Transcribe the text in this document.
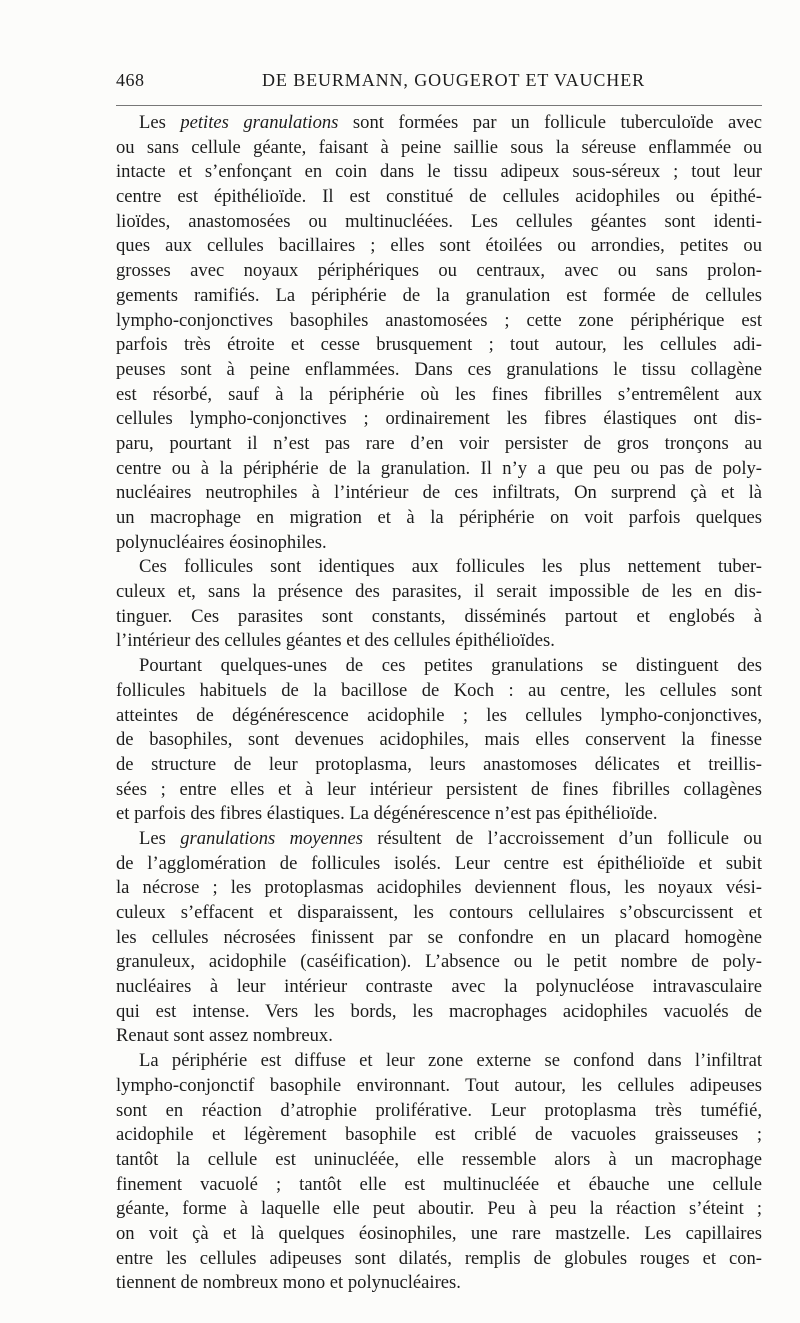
468	DE BEURMANN, GOUGEROT ET VAUCHER
Les petites granulations sont formées par un follicule tuberculoïde avec
ou sans cellule géante, faisant à peine saillie sous la séreuse enflammée ou
intacte et s’enfonçant en coin dans le tissu adipeux sous-séreux ; tout leur
centre est épithélioïde. Il est constitué de cellules acidophiles ou épithé-
lioïdes, anastomosées ou multinucléées. Les cellules géantes sont identi-
ques aux cellules bacillaires ; elles sont étoilées ou arrondies, petites ou
grosses avec noyaux périphériques ou centraux, avec ou sans prolon-
gements ramifiés. La périphérie de la granulation est formée de cellules
lympho-conjonctives basophiles anastomosées ; cette zone périphérique est
parfois très étroite et cesse brusquement ; tout autour, les cellules adi-
peuses sont à peine enflammées. Dans ces granulations le tissu collagène
est résorbé, sauf à la périphérie où les fines fibrilles s’entremêlent aux
cellules lympho-conjonctives ; ordinairement les fibres élastiques ont dis-
paru, pourtant il n’est pas rare d’en voir persister de gros tronçons au
centre ou à la périphérie de la granulation. Il n’y a que peu ou pas de poly-
nucléaires neutrophiles à l’intérieur de ces infiltrats, On surprend çà et là
un macrophage en migration et à la périphérie on voit parfois quelques
polynucléaires éosinophiles.
Ces follicules sont identiques aux follicules les plus nettement tuber-
culeux et, sans la présence des parasites, il serait impossible de les en dis-
tinguer. Ces parasites sont constants, disséminés partout et englobés à
l’intérieur des cellules géantes et des cellules épithélioïdes.
Pourtant quelques-unes de ces petites granulations se distinguent des
follicules habituels de la bacillose de Koch : au centre, les cellules sont
atteintes de dégénérescence acidophile ; les cellules lympho-conjonctives,
de basophiles, sont devenues acidophiles, mais elles conservent la finesse
de structure de leur protoplasma, leurs anastomoses délicates et treillis-
sées ; entre elles et à leur intérieur persistent de fines fibrilles collagènes
et parfois des fibres élastiques. La dégénérescence n’est pas épithélioïde.
Les granulations moyennes résultent de l’accroissement d’un follicule ou
de l’agglomération de follicules isolés. Leur centre est épithélioïde et subit
la nécrose ; les protoplasmas acidophiles deviennent flous, les noyaux vési-
culeux s’effacent et disparaissent, les contours cellulaires s’obscurcissent et
les cellules nécrosées finissent par se confondre en un placard homogène
granuleux, acidophile (caséification). L’absence ou le petit nombre de poly-
nucléaires à leur intérieur contraste avec la polynucléose intravasculaire
qui est intense. Vers les bords, les macrophages acidophiles vacuolés de
Renaut sont assez nombreux.
La périphérie est diffuse et leur zone externe se confond dans l’infiltrat
lympho-conjonctif basophile environnant. Tout autour, les cellules adipeuses
sont en réaction d’atrophie proliférative. Leur protoplasma très tuméfié,
acidophile et légèrement basophile est criblé de vacuoles graisseuses ;
tantôt la cellule est uninucléée, elle ressemble alors à un macrophage
finement vacuolé ; tantôt elle est multinucléée et ébauche une cellule
géante, forme à laquelle elle peut aboutir. Peu à peu la réaction s’éteint ;
on voit çà et là quelques éosinophiles, une rare mastzelle. Les capillaires
entre les cellules adipeuses sont dilatés, remplis de globules rouges et con-
tiennent de nombreux mono et polynucléaires.
